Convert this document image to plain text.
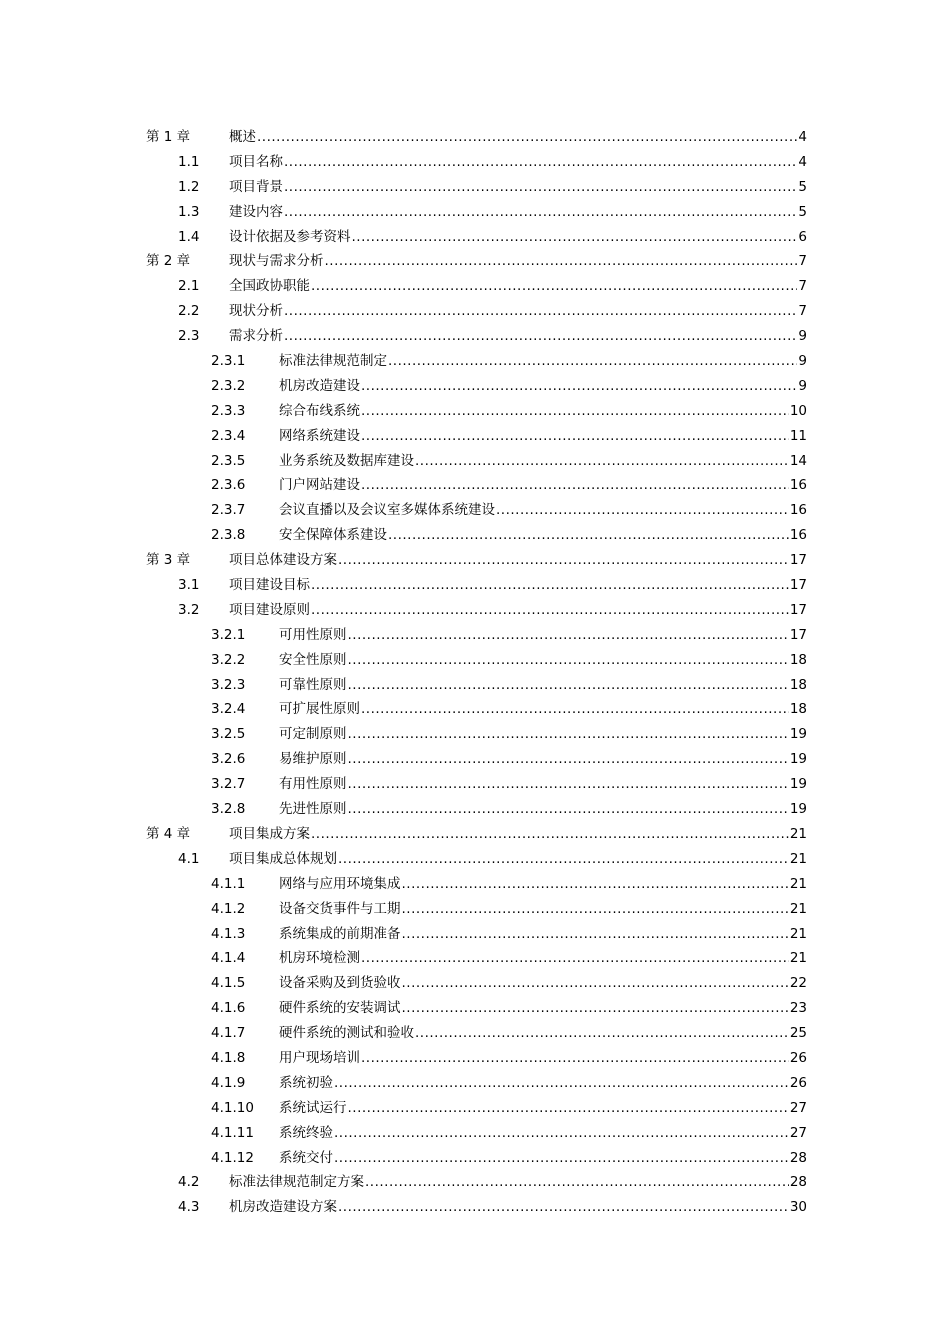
第 1 章	概述 .....	4
1.1 项目名称 .....	4
1.2 项目背景 .....	5
1.3 建设内容 .....	5
1.4 设计依据及参考资料 .....	6
第 2 章	现状与需求分析 .....	7
2.1 全国政协职能 .....	7
2.2 现状分析 .....	7
2.3 需求分析 .....	9
2.3.1 标准法律规范制定 .....	9
2.3.2 机房改造建设 .....	9
2.3.3 综合布线系统 .....	10
2.3.4 网络系统建设 .....	11
2.3.5 业务系统及数据库建设 .....	14
2.3.6 门户网站建设 .....	16
2.3.7 会议直播以及会议室多媒体系统建设 .....	16
2.3.8 安全保障体系建设 .....	16
第 3 章	项目总体建设方案 .....	17
3.1 项目建设目标 .....	17
3.2 项目建设原则 .....	17
3.2.1 可用性原则 .....	17
3.2.2 安全性原则 .....	18
3.2.3 可靠性原则 .....	18
3.2.4 可扩展性原则 .....	18
3.2.5 可定制原则 .....	19
3.2.6 易维护原则 .....	19
3.2.7 有用性原则 .....	19
3.2.8 先进性原则 .....	19
第 4 章	项目集成方案 .....	21
4.1 项目集成总体规划 .....	21
4.1.1 网络与应用环境集成 .....	21
4.1.2 设备交货事件与工期 .....	21
4.1.3 系统集成的前期准备 .....	21
4.1.4 机房环境检测 .....	21
4.1.5 设备采购及到货验收 .....	22
4.1.6 硬件系统的安装调试 .....	23
4.1.7 硬件系统的测试和验收 .....	25
4.1.8 用户现场培训 .....	26
4.1.9 系统初验 .....	26
4.1.10 系统试运行 .....	27
4.1.11 系统终验 .....	27
4.1.12 系统交付 .....	28
4.2 标准法律规范制定方案 .....	28
4.3 机房改造建设方案 .....	30
